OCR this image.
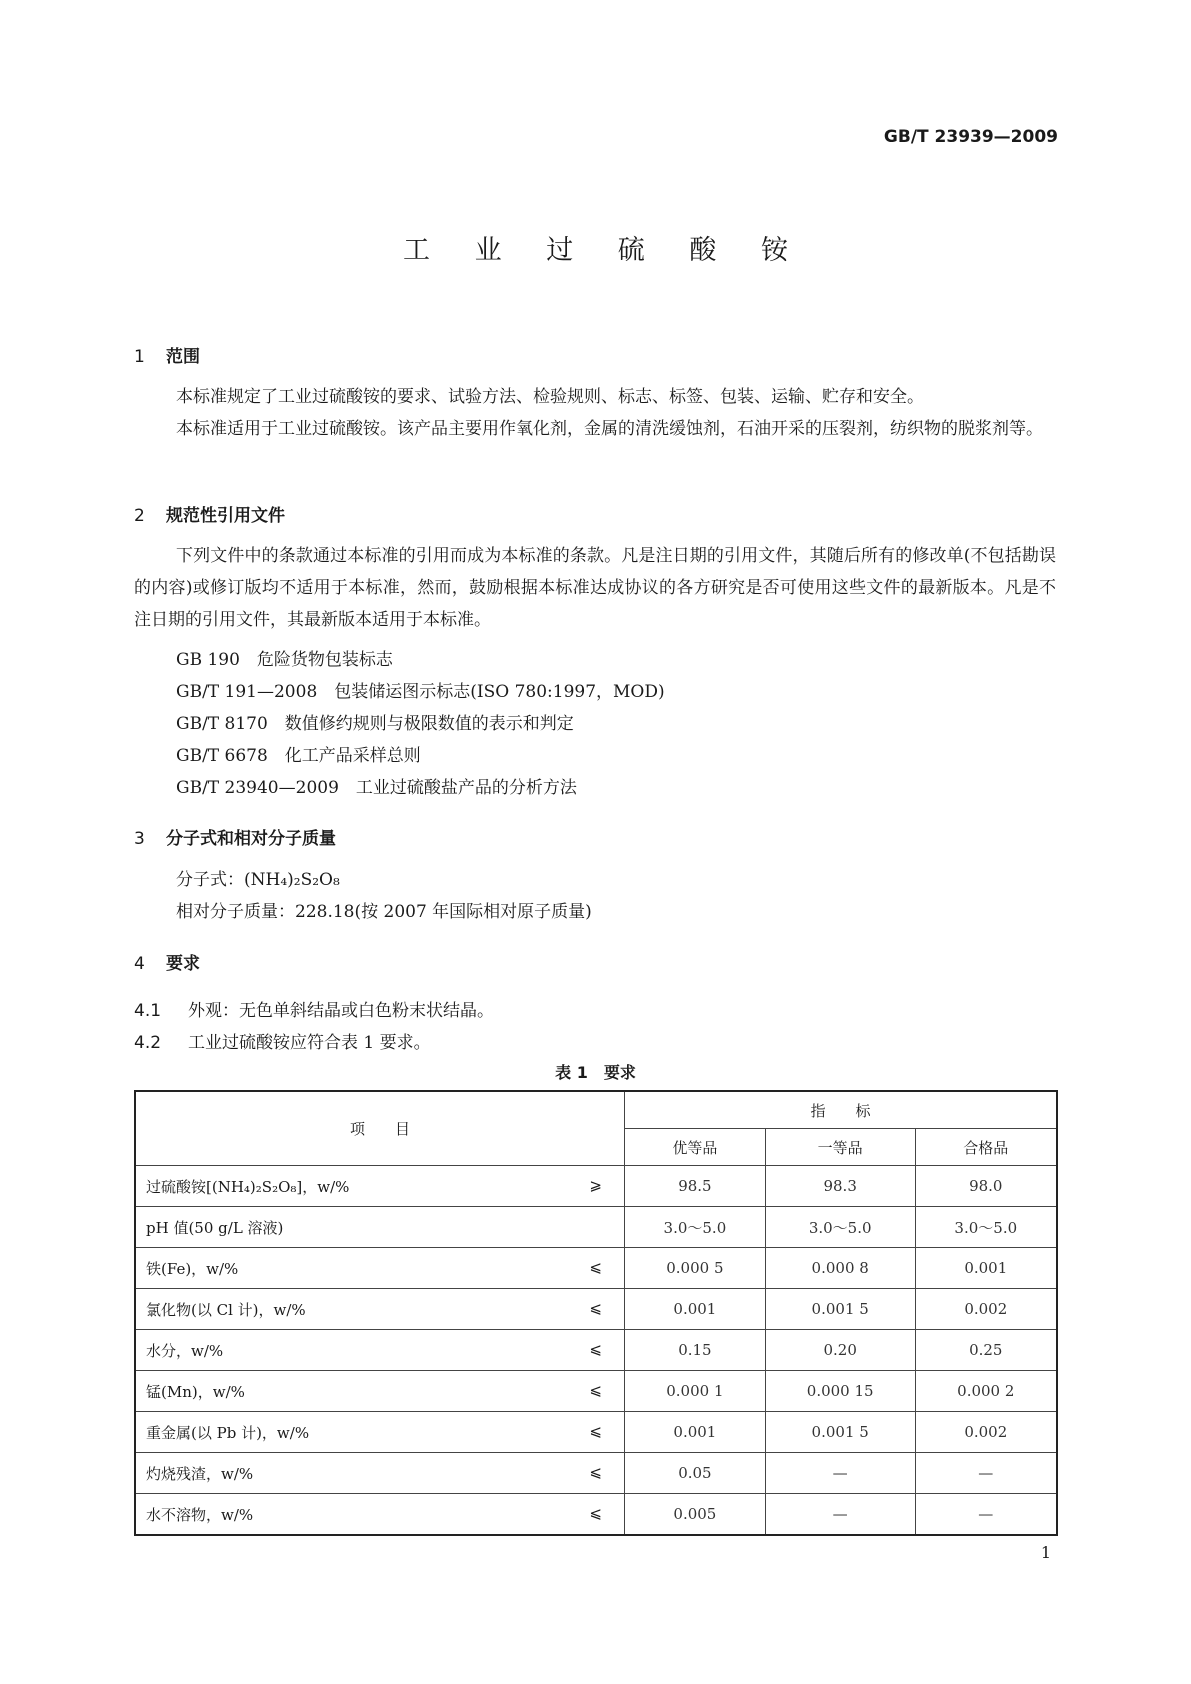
GB/T 23939—2009
工 业 过 硫 酸 铵
1 范围
本标准规定了工业过硫酸铵的要求、试验方法、检验规则、标志、标签、包装、运输、贮存和安全。
本标准适用于工业过硫酸铵。该产品主要用作氧化剂，金属的清洗缓蚀剂，石油开采的压裂剂，纺织物的脱浆剂等。
2 规范性引用文件
下列文件中的条款通过本标准的引用而成为本标准的条款。凡是注日期的引用文件，其随后所有的修改单(不包括勘误的内容)或修订版均不适用于本标准，然而，鼓励根据本标准达成协议的各方研究是否可使用这些文件的最新版本。凡是不注日期的引用文件，其最新版本适用于本标准。
GB 190　危险货物包装标志
GB/T 191—2008　包装储运图示标志(ISO 780:1997，MOD)
GB/T 8170　数值修约规则与极限数值的表示和判定
GB/T 6678　化工产品采样总则
GB/T 23940—2009　工业过硫酸盐产品的分析方法
3 分子式和相对分子质量
分子式：(NH₄)₂S₂O₈
相对分子质量：228.18(按 2007 年国际相对原子质量)
4 要求
4.1 外观：无色单斜结晶或白色粉末状结晶。
4.2 工业过硫酸铵应符合表 1 要求。
表 1　要求
项　　目	指　　标		
	优等品	一等品	合格品
过硫酸铵[(NH₄)₂S₂O₈]，w/% ⩾	98.5	98.3	98.0
pH 值(50 g/L 溶液)	3.0～5.0	3.0～5.0	3.0～5.0
铁(Fe)，w/% ⩽	0.000 5	0.000 8	0.001
氯化物(以 Cl 计)，w/% ⩽	0.001	0.001 5	0.002
水分，w/% ⩽	0.15	0.20	0.25
锰(Mn)，w/% ⩽	0.000 1	0.000 15	0.000 2
重金属(以 Pb 计)，w/% ⩽	0.001	0.001 5	0.002
灼烧残渣，w/% ⩽	0.05	—	—
水不溶物，w/% ⩽	0.005	—	—
1
